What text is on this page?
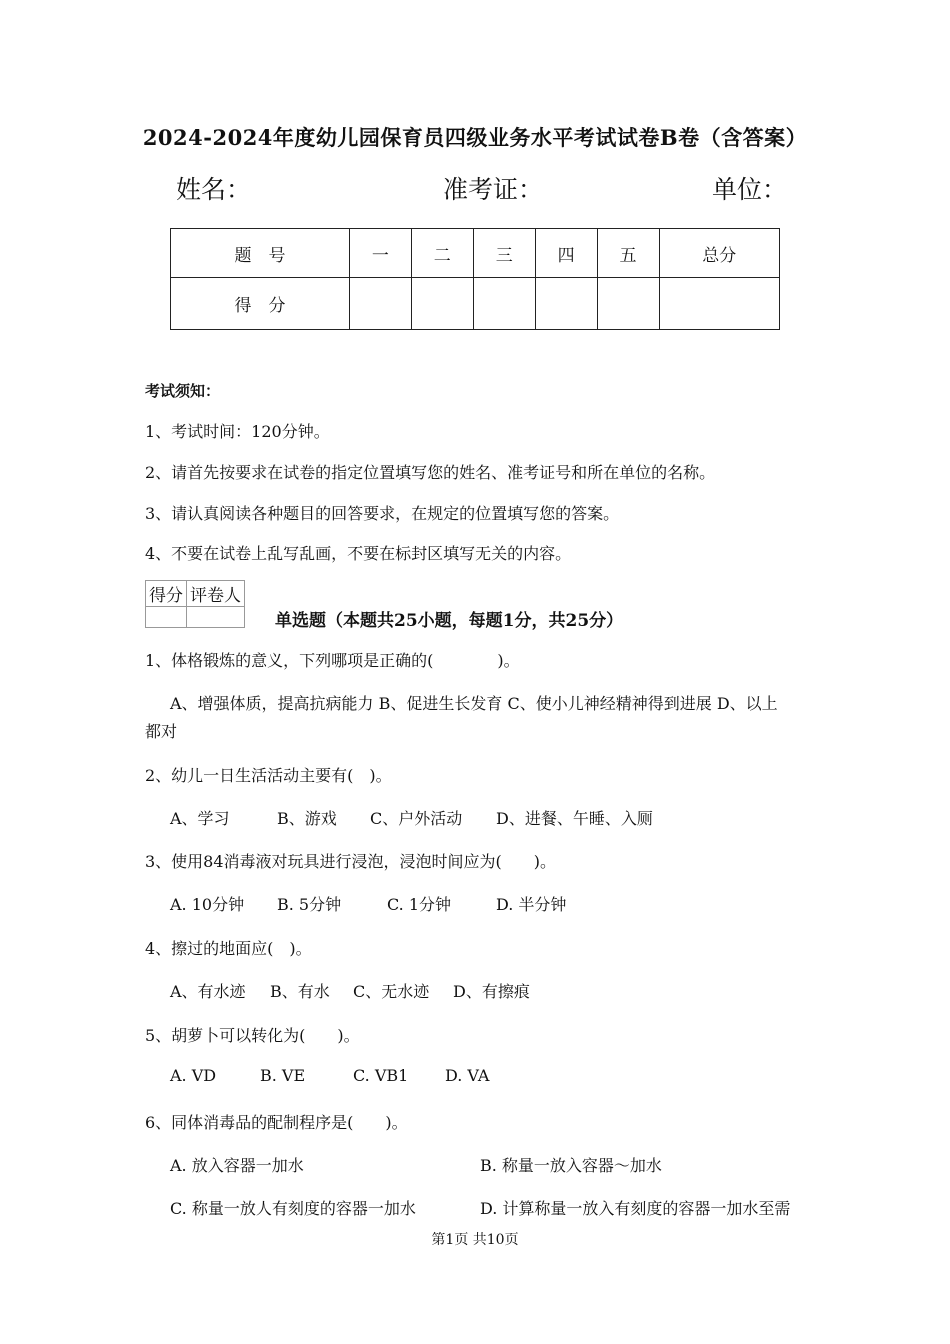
2024-2024年度幼儿园保育员四级业务水平考试试卷B卷（含答案）
姓名：	准考证：	单位：
题　号	一	二	三	四	五	总分
得　分						
考试须知：
1、考试时间：120分钟。
2、请首先按要求在试卷的指定位置填写您的姓名、准考证号和所在单位的名称。
3、请认真阅读各种题目的回答要求，在规定的位置填写您的答案。
4、不要在试卷上乱写乱画，不要在标封区填写无关的内容。
得分	评卷人

单选题（本题共25小题，每题1分，共25分）
1、体格锻炼的意义，下列哪项是正确的(　　　　)。
A、增强体质，提高抗病能力 B、促进生长发育 C、使小儿神经精神得到进展 D、以上
都对
2、幼儿一日生活活动主要有(　)。
A、学习	B、游戏 C、户外活动 D、进餐、午睡、入厕
3、使用84消毒液对玩具进行浸泡，浸泡时间应为(　　)。
A. 10分钟 B. 5分钟	C. 1分钟	D. 半分钟
4、擦过的地面应(　)。
A、有水迹 B、有水 C、无水迹 D、有擦痕
5、胡萝卜可以转化为(　　)。
A. VD	B. VE	C. VB1 D. VA
6、同体消毒品的配制程序是(　　)。
A. 放入容器一加水	B. 称量一放入容器～加水
C. 称量一放人有刻度的容器一加水	D. 计算称量一放入有刻度的容器一加水至需
第1页 共10页
